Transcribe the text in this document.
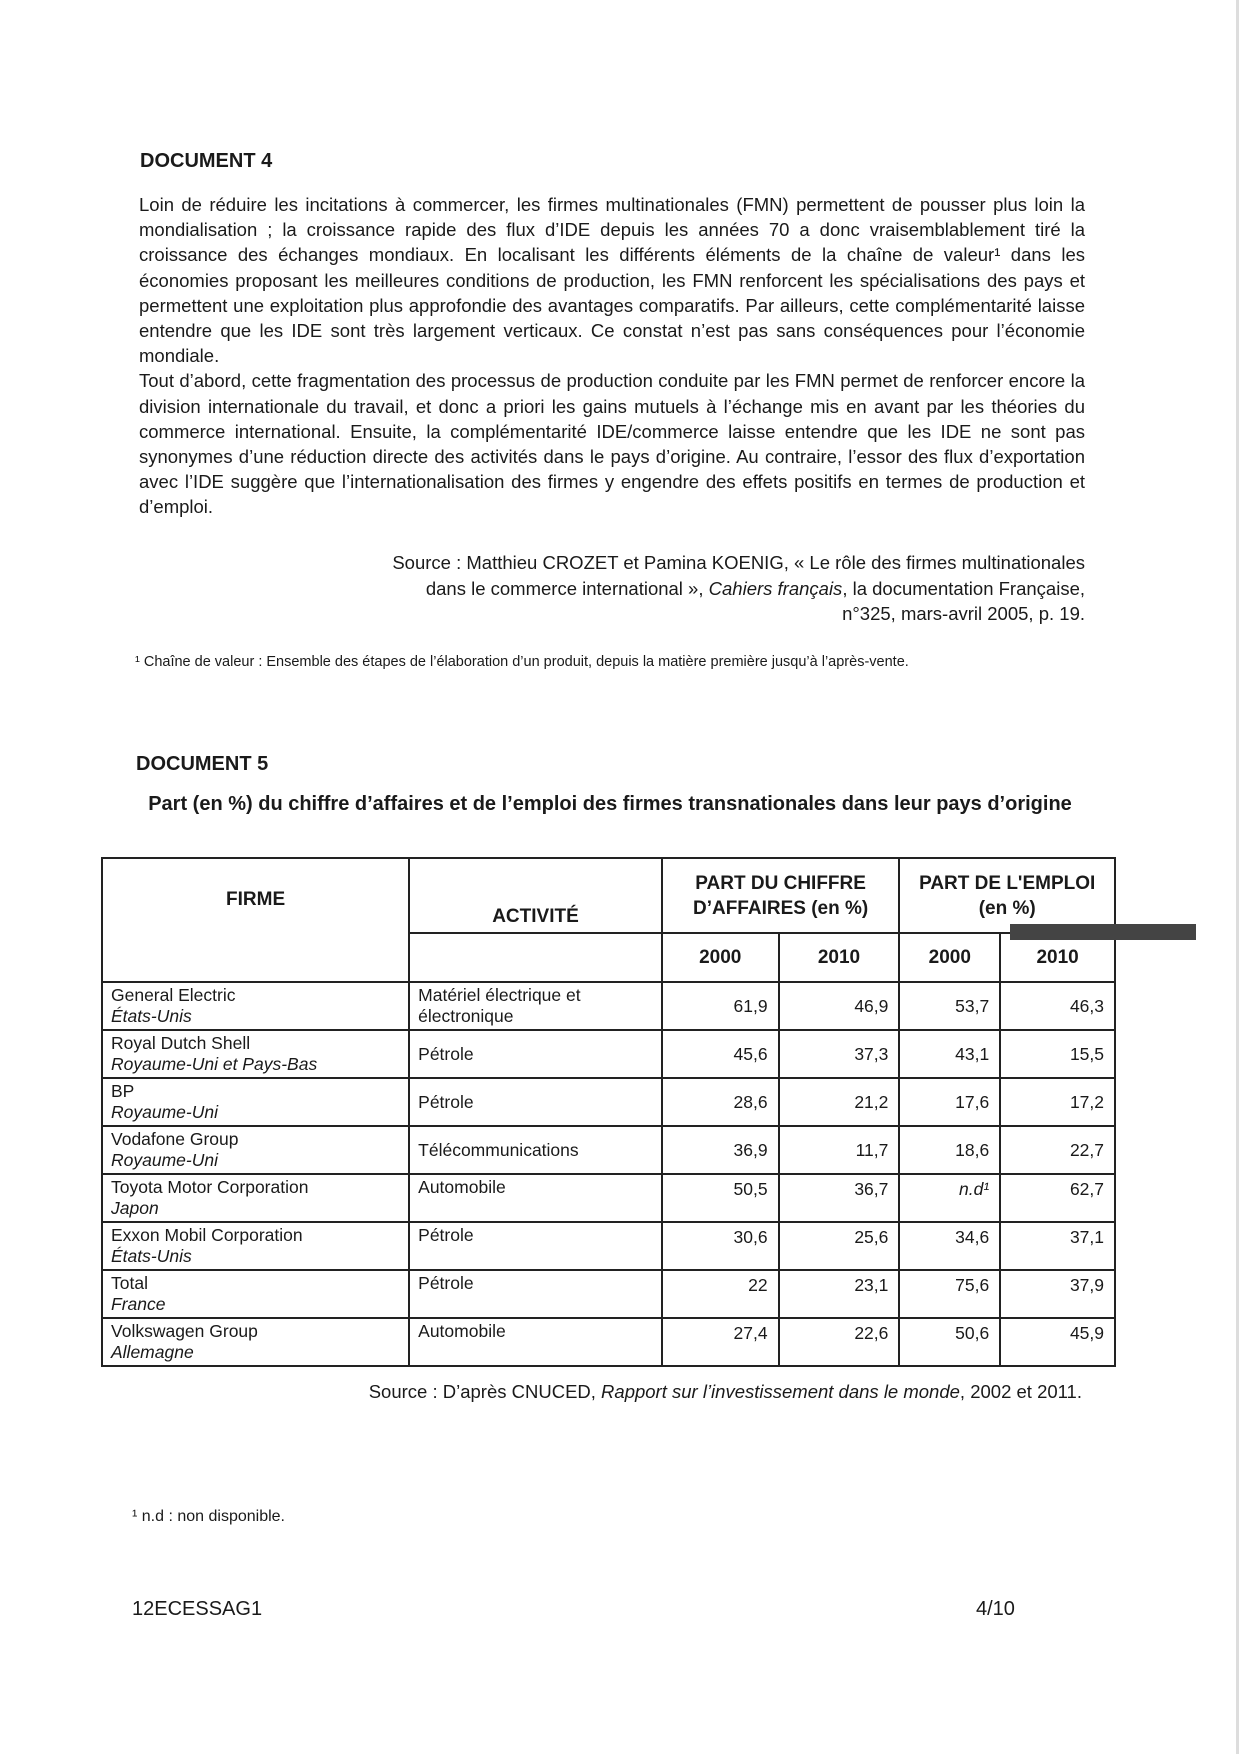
DOCUMENT 4

Loin de réduire les incitations à commercer, les firmes multinationales (FMN) permettent de pousser plus loin la mondialisation ; la croissance rapide des flux d’IDE depuis les années 70 a donc vraisemblablement tiré la croissance des échanges mondiaux. En localisant les différents éléments de la chaîne de valeur¹ dans les économies proposant les meilleures conditions de production, les FMN renforcent les spécialisations des pays et permettent une exploitation plus approfondie des avantages comparatifs. Par ailleurs, cette complémentarité laisse entendre que les IDE sont très largement verticaux. Ce constat n’est pas sans conséquences pour l’économie mondiale.

Tout d’abord, cette fragmentation des processus de production conduite par les FMN permet de renforcer encore la division internationale du travail, et donc a priori les gains mutuels à l’échange mis en avant par les théories du commerce international. Ensuite, la complémentarité IDE/commerce laisse entendre que les IDE ne sont pas synonymes d’une réduction directe des activités dans le pays d’origine. Au contraire, l’essor des flux d’exportation avec l’IDE suggère que l’internationalisation des firmes y engendre des effets positifs en termes de production et d’emploi.

Source : Matthieu CROZET et Pamina KOENIG, « Le rôle des firmes multinationales dans le commerce international », Cahiers français, la documentation Française, n°325, mars-avril 2005, p. 19.
¹ Chaîne de valeur : Ensemble des étapes de l’élaboration d’un produit, depuis la matière première jusqu’à l’après-vente.
DOCUMENT 5
Part (en %) du chiffre d’affaires et de l’emploi des firmes transnationales dans leur pays d’origine
FIRME	ACTIVITÉ	PART DU CHIFFRE D’AFFAIRES (en %)		PART DE L'EMPLOI (en %)	
		2000	2010	2000	2010
General Electric
États-Unis	Matériel électrique et électronique	61,9	46,9	53,7	46,3
Royal Dutch Shell
Royaume-Uni et Pays-Bas	Pétrole	45,6	37,3	43,1	15,5
BP
Royaume-Uni	Pétrole	28,6	21,2	17,6	17,2
Vodafone Group
Royaume-Uni	Télécommunications	36,9	11,7	18,6	22,7
Toyota Motor Corporation
Japon	Automobile	50,5	36,7	n.d¹	62,7
Exxon Mobil Corporation
États-Unis	Pétrole	30,6	25,6	34,6	37,1
Total
France	Pétrole	22	23,1	75,6	37,9
Volkswagen Group
Allemagne	Automobile	27,4	22,6	50,6	45,9
Source : D’après CNUCED, Rapport sur l’investissement dans le monde, 2002 et 2011.
¹ n.d : non disponible.
12ECESSAG1	4/10
